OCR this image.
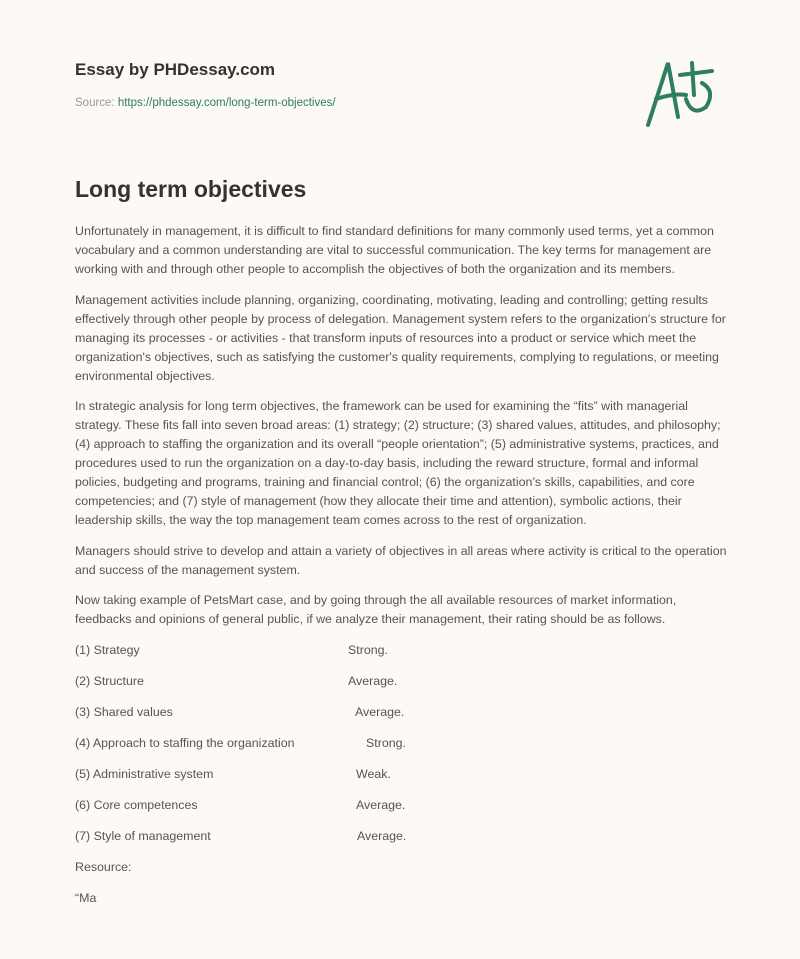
Essay by PHDessay.com
Source: https://phdessay.com/long-term-objectives/
Long term objectives

Unfortunately in management, it is difficult to find standard definitions for many commonly used terms, yet a common vocabulary and a common understanding are vital to successful communication. The key terms for management are working with and through other people to accomplish the objectives of both the organization and its members.

Management activities include planning, organizing, coordinating, motivating, leading and controlling; getting results effectively through other people by process of delegation. Management system refers to the organization's structure for managing its processes - or activities - that transform inputs of resources into a product or service which meet the organization's objectives, such as satisfying the customer's quality requirements, complying to regulations, or meeting environmental objectives.

In strategic analysis for long term objectives, the framework can be used for examining the “fits” with managerial strategy. These fits fall into seven broad areas: (1) strategy; (2) structure; (3) shared values, attitudes, and philosophy; (4) approach to staffing the organization and its overall “people orientation”; (5) administrative systems, practices, and procedures used to run the organization on a day-to-day basis, including the reward structure, formal and informal policies, budgeting and programs, training and financial control; (6) the organization’s skills, capabilities, and core competencies; and (7) style of management (how they allocate their time and attention), symbolic actions, their leadership skills, the way the top management team comes across to the rest of organization.

Managers should strive to develop and attain a variety of objectives in all areas where activity is critical to the operation and success of the management system.

Now taking example of PetsMart case, and by going through the all available resources of market information, feedbacks and opinions of general public, if we analyze their management, their rating should be as follows.

(1) Strategy	Strong.
(2) Structure	Average.
(3) Shared values	Average.
(4) Approach to staffing the organization	Strong.
(5) Administrative system	Weak.
(6) Core competences	Average.
(7) Style of management	Average.
Resource:
“Ma
